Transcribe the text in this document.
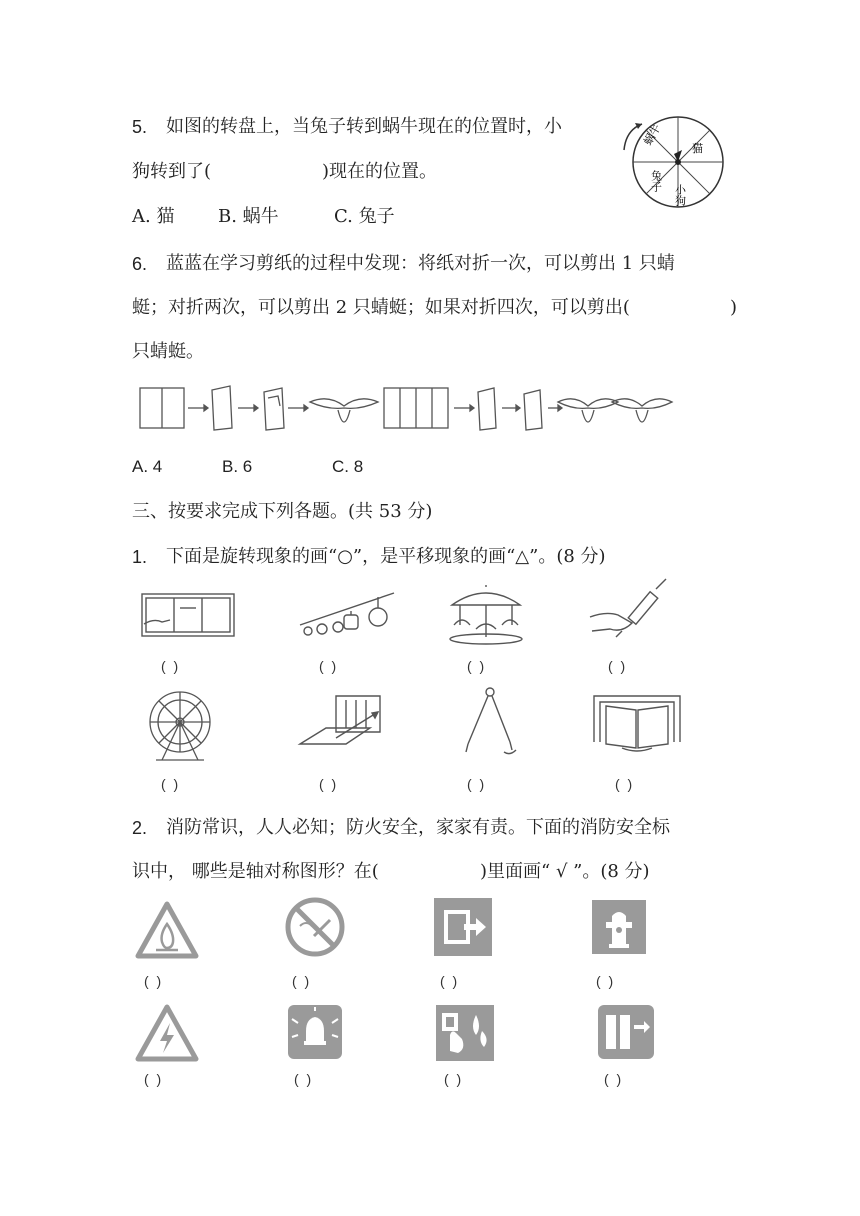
5. 如图的转盘上，当兔子转到蜗牛现在的位置时，小
狗转到了(	)现在的位置。
A. 猫 B. 蜗牛	C. 兔子
蜗牛
猫
小狗
兔子
6. 蓝蓝在学习剪纸的过程中发现：将纸对折一次，可以剪出 1 只蜻
蜓；对折两次，可以剪出 2 只蜻蜓；如果对折四次，可以剪出(	)
只蜻蜓。
A. 4	B. 6	C. 8
三、按要求完成下列各题。(共 53 分)
1. 下面是旋转现象的画“○”，是平移现象的画“△”。(8 分)
( )	( )	( )	( )
( )	( )	( )	( )
2. 消防常识，人人必知；防火安全，家家有责。下面的消防安全标
识中， 哪些是轴对称图形？在(	)里面画“ √ ”。(8 分)
( )	( )	( )	( )
( )	( )	( )	( )
